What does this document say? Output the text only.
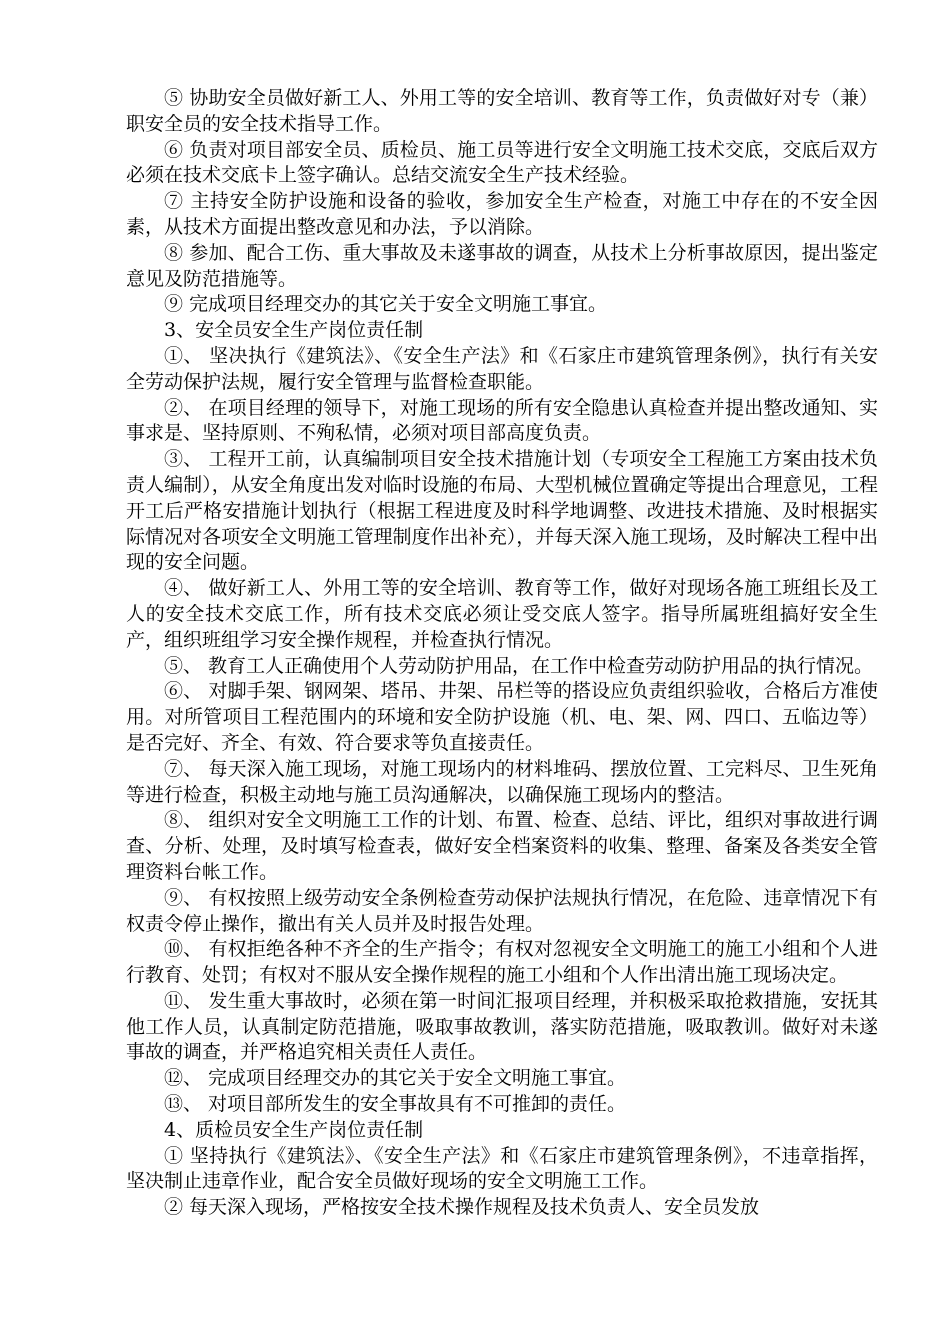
⑤ 协助安全员做好新工人、外用工等的安全培训、教育等工作，负责做好对专（兼）职安全员的安全技术指导工作。

⑥ 负责对项目部安全员、质检员、施工员等进行安全文明施工技术交底，交底后双方必须在技术交底卡上签字确认。总结交流安全生产技术经验。

⑦ 主持安全防护设施和设备的验收，参加安全生产检查，对施工中存在的不安全因素，从技术方面提出整改意见和办法，予以消除。

⑧ 参加、配合工伤、重大事故及未遂事故的调查，从技术上分析事故原因，提出鉴定意见及防范措施等。

⑨ 完成项目经理交办的其它关于安全文明施工事宜。

3、安全员安全生产岗位责任制

①、 坚决执行《建筑法》、《安全生产法》和《石家庄市建筑管理条例》，执行有关安全劳动保护法规，履行安全管理与监督检查职能。

②、 在项目经理的领导下，对施工现场的所有安全隐患认真检查并提出整改通知、实事求是、坚持原则、不殉私情，必须对项目部高度负责。

③、 工程开工前，认真编制项目安全技术措施计划（专项安全工程施工方案由技术负责人编制），从安全角度出发对临时设施的布局、大型机械位置确定等提出合理意见，工程开工后严格安措施计划执行（根据工程进度及时科学地调整、改进技术措施、及时根据实际情况对各项安全文明施工管理制度作出补充），并每天深入施工现场，及时解决工程中出现的安全问题。

④、 做好新工人、外用工等的安全培训、教育等工作，做好对现场各施工班组长及工人的安全技术交底工作，所有技术交底必须让受交底人签字。指导所属班组搞好安全生产，组织班组学习安全操作规程，并检查执行情况。

⑤、 教育工人正确使用个人劳动防护用品，在工作中检查劳动防护用品的执行情况。

⑥、 对脚手架、钢网架、塔吊、井架、吊栏等的搭设应负责组织验收，合格后方准使用。对所管项目工程范围内的环境和安全防护设施（机、电、架、网、四口、五临边等）是否完好、齐全、有效、符合要求等负直接责任。

⑦、 每天深入施工现场，对施工现场内的材料堆码、摆放位置、工完料尽、卫生死角等进行检查，积极主动地与施工员沟通解决，以确保施工现场内的整洁。

⑧、 组织对安全文明施工工作的计划、布置、检查、总结、评比，组织对事故进行调查、分析、处理，及时填写检查表，做好安全档案资料的收集、整理、备案及各类安全管理资料台帐工作。

⑨、 有权按照上级劳动安全条例检查劳动保护法规执行情况，在危险、违章情况下有权责令停止操作，撤出有关人员并及时报告处理。

⑩、 有权拒绝各种不齐全的生产指令；有权对忽视安全文明施工的施工小组和个人进行教育、处罚；有权对不服从安全操作规程的施工小组和个人作出清出施工现场决定。

⑪、 发生重大事故时，必须在第一时间汇报项目经理，并积极采取抢救措施，安抚其他工作人员，认真制定防范措施，吸取事故教训，落实防范措施，吸取教训。做好对未遂事故的调查，并严格追究相关责任人责任。

⑫、 完成项目经理交办的其它关于安全文明施工事宜。

⑬、 对项目部所发生的安全事故具有不可推卸的责任。

4、质检员安全生产岗位责任制

① 坚持执行《建筑法》、《安全生产法》和《石家庄市建筑管理条例》，不违章指挥，坚决制止违章作业，配合安全员做好现场的安全文明施工工作。

② 每天深入现场，严格按安全技术操作规程及技术负责人、安全员发放
